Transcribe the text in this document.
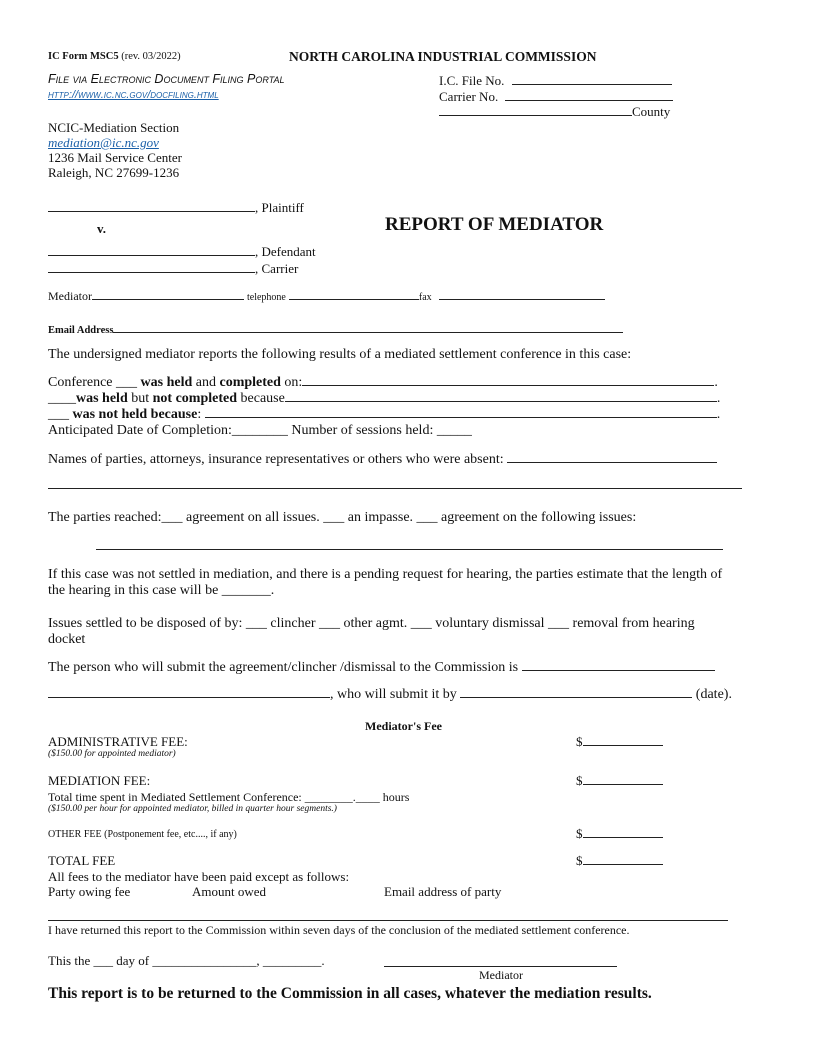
IC Form MSC5 (rev. 03/2022)	NORTH CAROLINA INDUSTRIAL COMMISSION
File via Electronic Document Filing Portal
http://www.ic.nc.gov/docfiling.html
I.C. File No.
Carrier No.
County
NCIC-Mediation Section
mediation@ic.nc.gov
1236 Mail Service Center
Raleigh, NC 27699-1236
, Plaintiff
v.	REPORT OF MEDIATOR
, Defendant
, Carrier
Mediator	telephone	fax
Email Address
The undersigned mediator reports the following results of a mediated settlement conference in this case:
Conference ___ was held and completed on:	.
____was held but not completed because	.
___ was not held because:	.
Anticipated Date of Completion:________ Number of sessions held: _____
Names of parties, attorneys, insurance representatives or others who were absent:
The parties reached:___ agreement on all issues. ___ an impasse. ___ agreement on the following issues:
If this case was not settled in mediation, and there is a pending request for hearing, the parties estimate that the length of
the hearing in this case will be _______.
Issues settled to be disposed of by: ___ clincher ___ other agmt. ___ voluntary dismissal ___ removal from hearing
docket
The person who will submit the agreement/clincher /dismissal to the Commission is
, who will submit it by	(date).
Mediator's Fee
ADMINISTRATIVE FEE:
($150.00 for appointed mediator)
$
MEDIATION FEE:
Total time spent in Mediated Settlement Conference: ________.____ hours
($150.00 per hour for appointed mediator, billed in quarter hour segments.)
$
OTHER FEE (Postponement fee, etc...., if any)	$
TOTAL FEE	$
All fees to the mediator have been paid except as follows:
Party owing fee	Amount owed	Email address of party
I have returned this report to the Commission within seven days of the conclusion of the mediated settlement conference.
This the ___ day of ________________, _________.
Mediator
This report is to be returned to the Commission in all cases, whatever the mediation results.
